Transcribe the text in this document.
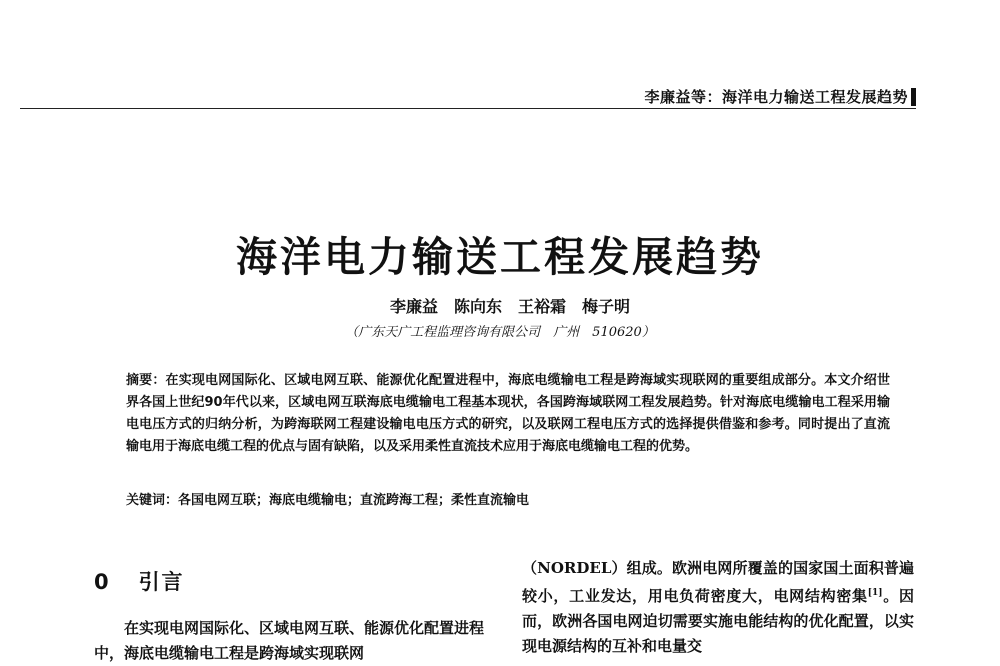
李廉益等：海洋电力输送工程发展趋势
海洋电力输送工程发展趋势
李廉益　陈向东　王裕霜　梅子明
（广东天广工程监理咨询有限公司　广州　510620）
摘要：在实现电网国际化、区域电网互联、能源优化配置进程中，海底电缆输电工程是跨海域实现联网的重要组成部分。本文介绍世界各国上世纪90年代以来，区域电网互联海底电缆输电工程基本现状，各国跨海域联网工程发展趋势。针对海底电缆输电工程采用输电电压方式的归纳分析，为跨海联网工程建设输电电压方式的研究，以及联网工程电压方式的选择提供借鉴和参考。同时提出了直流输电用于海底电缆工程的优点与固有缺陷，以及采用柔性直流技术应用于海底电缆输电工程的优势。
关键词：各国电网互联；海底电缆输电；直流跨海工程；柔性直流输电
0 引言

在实现电网国际化、区域电网互联、能源优化配置进程中，海底电缆输电工程是跨海域实现联网

（NORDEL）组成。欧洲电网所覆盖的国家国土面积普遍较小，工业发达，用电负荷密度大，电网结构密集[1]。因而，欧洲各国电网迫切需要实施电能结构的优化配置，以实现电源结构的互补和电量交
